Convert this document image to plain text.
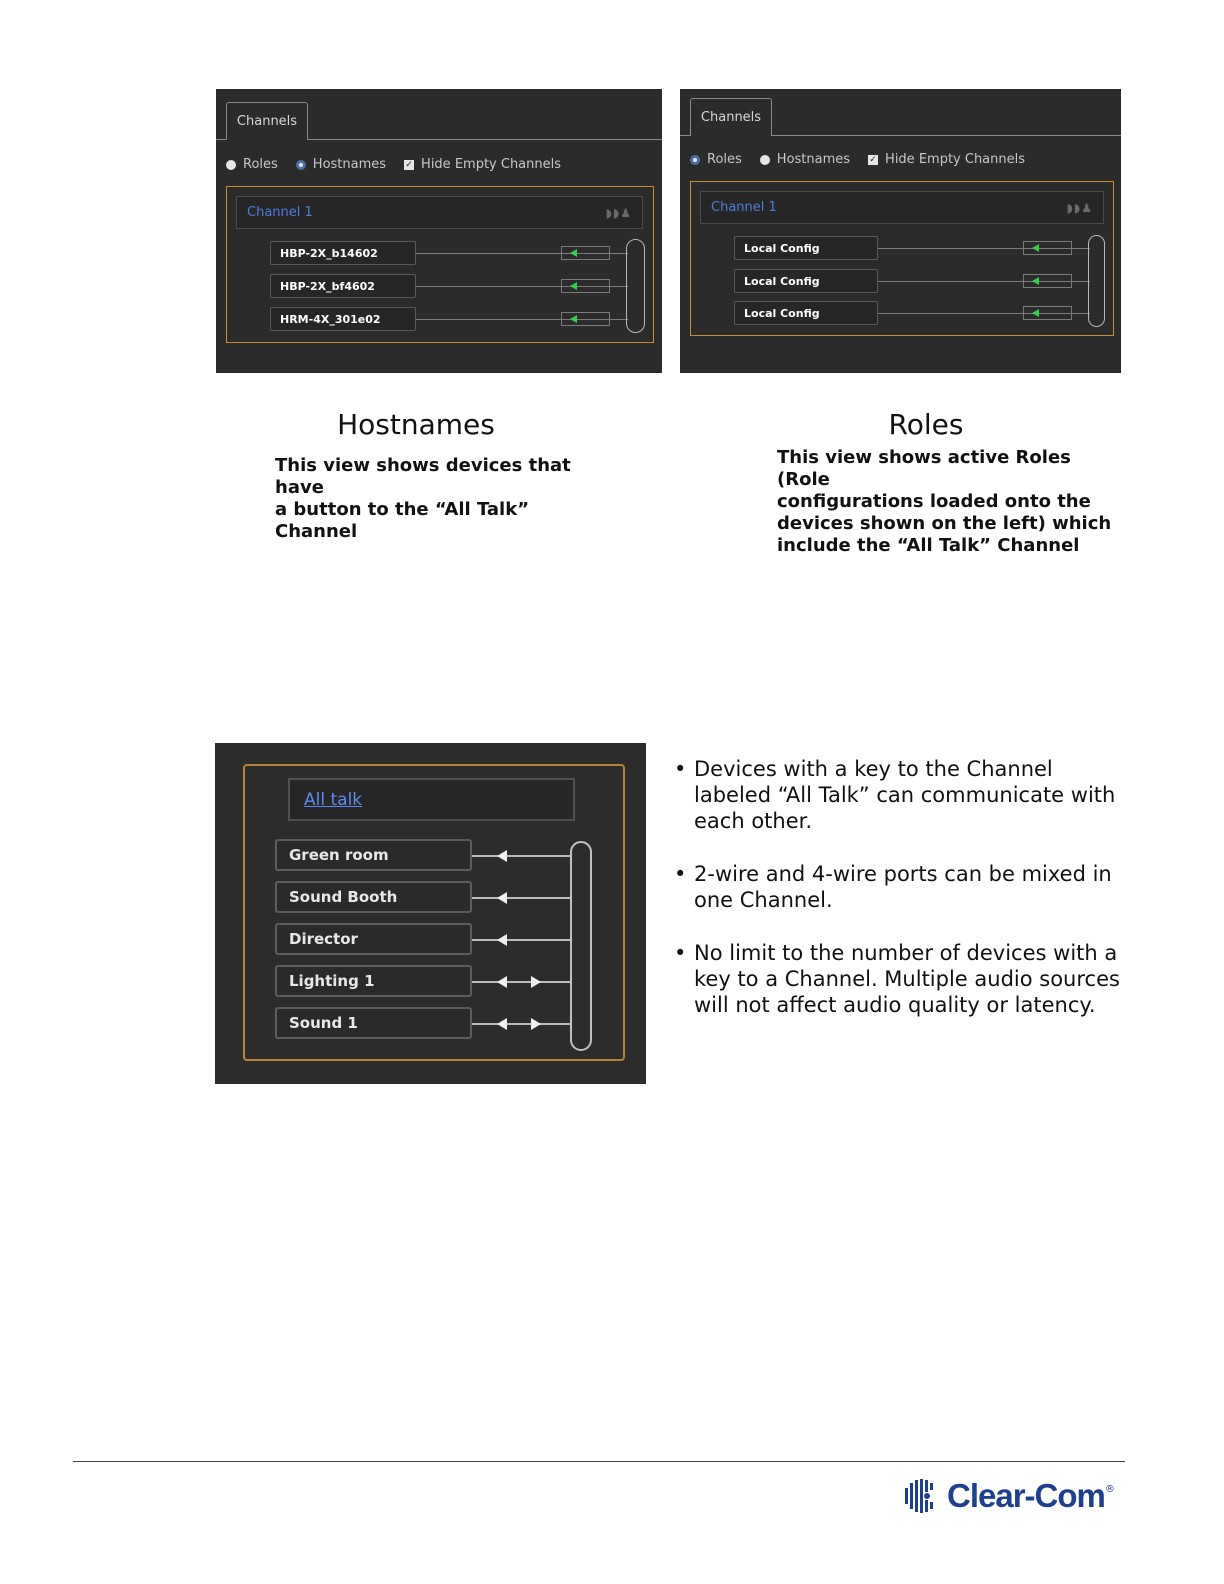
Channels
Roles	Hostnames ✓ Hide Empty Channels
Channel 1	◗◗♟
HBP-2X_b14602
HBP-2X_bf4602
HRM-4X_301e02
Channels
Roles	Hostnames ✓ Hide Empty Channels
Channel 1	◗◗♟
Local Config
Local Config
Local Config
Hostnames
This view shows devices that have
a button to the “All Talk” Channel
Roles
This view shows active Roles (Role
configurations loaded onto the
devices shown on the left) which
include the “All Talk” Channel
All talk
Green room
Sound Booth
Director
Lighting 1
Sound 1
• Devices with a key to the Channel labeled “All Talk” can communicate with each other.
• 2-wire and 4-wire ports can be mixed in one Channel.
• No limit to the number of devices with a key to a Channel. Multiple audio sources will not affect audio quality or latency.
Clear-Com ®
